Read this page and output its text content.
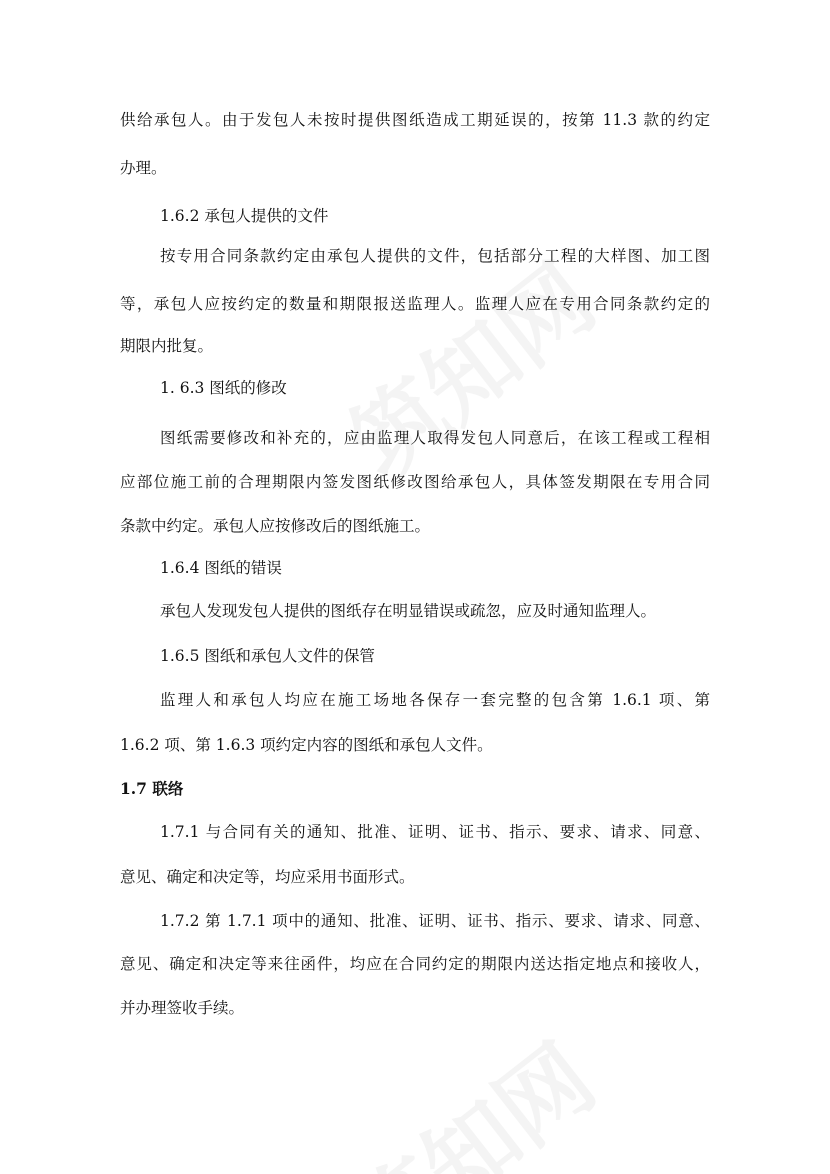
供给承包人。由于发包人未按时提供图纸造成工期延误的，按第 11.3 款的约定
办理。
1.6.2 承包人提供的文件
按专用合同条款约定由承包人提供的文件，包括部分工程的大样图、加工图
等，承包人应按约定的数量和期限报送监理人。监理人应在专用合同条款约定的
期限内批复。
1. 6.3 图纸的修改
图纸需要修改和补充的，应由监理人取得发包人同意后，在该工程或工程相
应部位施工前的合理期限内签发图纸修改图给承包人，具体签发期限在专用合同
条款中约定。承包人应按修改后的图纸施工。
1.6.4 图纸的错误
承包人发现发包人提供的图纸存在明显错误或疏忽，应及时通知监理人。
1.6.5 图纸和承包人文件的保管
监理人和承包人均应在施工场地各保存一套完整的包含第 1.6.1 项、第
1.6.2 项、第 1.6.3 项约定内容的图纸和承包人文件。
1.7 联络
1.7.1 与合同有关的通知、批准、证明、证书、指示、要求、请求、同意、
意见、确定和决定等，均应采用书面形式。
1.7.2 第 1.7.1 项中的通知、批准、证明、证书、指示、要求、请求、同意、
意见、确定和决定等来往函件，均应在合同约定的期限内送达指定地点和接收人，
并办理签收手续。
